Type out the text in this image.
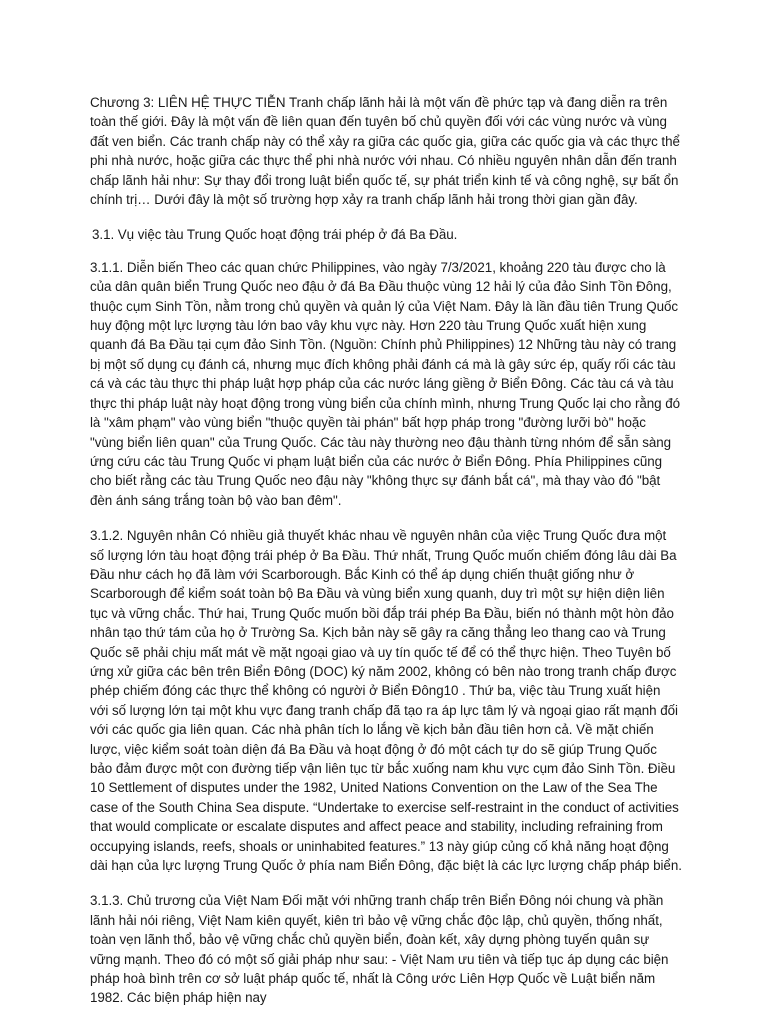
Chương 3: LIÊN HỆ THỰC TIỄN Tranh chấp lãnh hải là một vấn đề phức tạp và đang diễn ra trên toàn thế giới. Đây là một vấn đề liên quan đến tuyên bố chủ quyền đối với các vùng nước và vùng đất ven biển. Các tranh chấp này có thể xảy ra giữa các quốc gia, giữa các quốc gia và các thực thể phi nhà nước, hoặc giữa các thực thể phi nhà nước với nhau. Có nhiều nguyên nhân dẫn đến tranh chấp lãnh hải như: Sự thay đổi trong luật biển quốc tế, sự phát triển kinh tế và công nghệ, sự bất ổn chính trị… Dưới đây là một số trường hợp xảy ra tranh chấp lãnh hải trong thời gian gần đây.

3.1. Vụ việc tàu Trung Quốc hoạt động trái phép ở đá Ba Đầu.

3.1.1. Diễn biến Theo các quan chức Philippines, vào ngày 7/3/2021, khoảng 220 tàu được cho là của dân quân biển Trung Quốc neo đậu ở đá Ba Đầu thuộc vùng 12 hải lý của đảo Sinh Tồn Đông, thuộc cụm Sinh Tồn, nằm trong chủ quyền và quản lý của Việt Nam. Đây là lần đầu tiên Trung Quốc huy động một lực lượng tàu lớn bao vây khu vực này. Hơn 220 tàu Trung Quốc xuất hiện xung quanh đá Ba Đầu tại cụm đảo Sinh Tồn. (Nguồn: Chính phủ Philippines) 12 Những tàu này có trang bị một số dụng cụ đánh cá, nhưng mục đích không phải đánh cá mà là gây sức ép, quấy rối các tàu cá và các tàu thực thi pháp luật hợp pháp của các nước láng giềng ở Biển Đông. Các tàu cá và tàu thực thi pháp luật này hoạt động trong vùng biển của chính mình, nhưng Trung Quốc lại cho rằng đó là "xâm phạm" vào vùng biển "thuộc quyền tài phán" bất hợp pháp trong "đường lưỡi bò" hoặc "vùng biển liên quan" của Trung Quốc. Các tàu này thường neo đậu thành từng nhóm để sẵn sàng ứng cứu các tàu Trung Quốc vi phạm luật biển của các nước ở Biển Đông. Phía Philippines cũng cho biết rằng các tàu Trung Quốc neo đậu này "không thực sự đánh bắt cá", mà thay vào đó "bật đèn ánh sáng trắng toàn bộ vào ban đêm".

3.1.2. Nguyên nhân Có nhiều giả thuyết khác nhau về nguyên nhân của việc Trung Quốc đưa một số lượng lớn tàu hoạt động trái phép ở Ba Đầu. Thứ nhất, Trung Quốc muốn chiếm đóng lâu dài Ba Đầu như cách họ đã làm với Scarborough. Bắc Kinh có thể áp dụng chiến thuật giống như ở Scarborough để kiểm soát toàn bộ Ba Đầu và vùng biển xung quanh, duy trì một sự hiện diện liên tục và vững chắc. Thứ hai, Trung Quốc muốn bồi đắp trái phép Ba Đầu, biến nó thành một hòn đảo nhân tạo thứ tám của họ ở Trường Sa. Kịch bản này sẽ gây ra căng thẳng leo thang cao và Trung Quốc sẽ phải chịu mất mát về mặt ngoại giao và uy tín quốc tế để có thể thực hiện. Theo Tuyên bố ứng xử giữa các bên trên Biển Đông (DOC) ký năm 2002, không có bên nào trong tranh chấp được phép chiếm đóng các thực thể không có người ở Biển Đông10 . Thứ ba, việc tàu Trung xuất hiện với số lượng lớn tại một khu vực đang tranh chấp đã tạo ra áp lực tâm lý và ngoại giao rất mạnh đối với các quốc gia liên quan. Các nhà phân tích lo lắng về kịch bản đầu tiên hơn cả. Về mặt chiến lược, việc kiểm soát toàn diện đá Ba Đầu và hoạt động ở đó một cách tự do sẽ giúp Trung Quốc bảo đảm được một con đường tiếp vận liên tục từ bắc xuống nam khu vực cụm đảo Sinh Tồn. Điều 10 Settlement of disputes under the 1982, United Nations Convention on the Law of the Sea The case of the South China Sea dispute. “Undertake to exercise self-restraint in the conduct of activities that would complicate or escalate disputes and affect peace and stability, including refraining from occupying islands, reefs, shoals or uninhabited features.” 13 này giúp củng cố khả năng hoạt động dài hạn của lực lượng Trung Quốc ở phía nam Biển Đông, đặc biệt là các lực lượng chấp pháp biển.

3.1.3. Chủ trương của Việt Nam Đối mặt với những tranh chấp trên Biển Đông nói chung và phần lãnh hải nói riêng, Việt Nam kiên quyết, kiên trì bảo vệ vững chắc độc lập, chủ quyền, thống nhất, toàn vẹn lãnh thổ, bảo vệ vững chắc chủ quyền biển, đoàn kết, xây dựng phòng tuyến quân sự vững mạnh. Theo đó có một số giải pháp như sau: - Việt Nam ưu tiên và tiếp tục áp dụng các biện pháp hoà bình trên cơ sở luật pháp quốc tế, nhất là Công ước Liên Hợp Quốc về Luật biển năm 1982. Các biện pháp hiện nay
